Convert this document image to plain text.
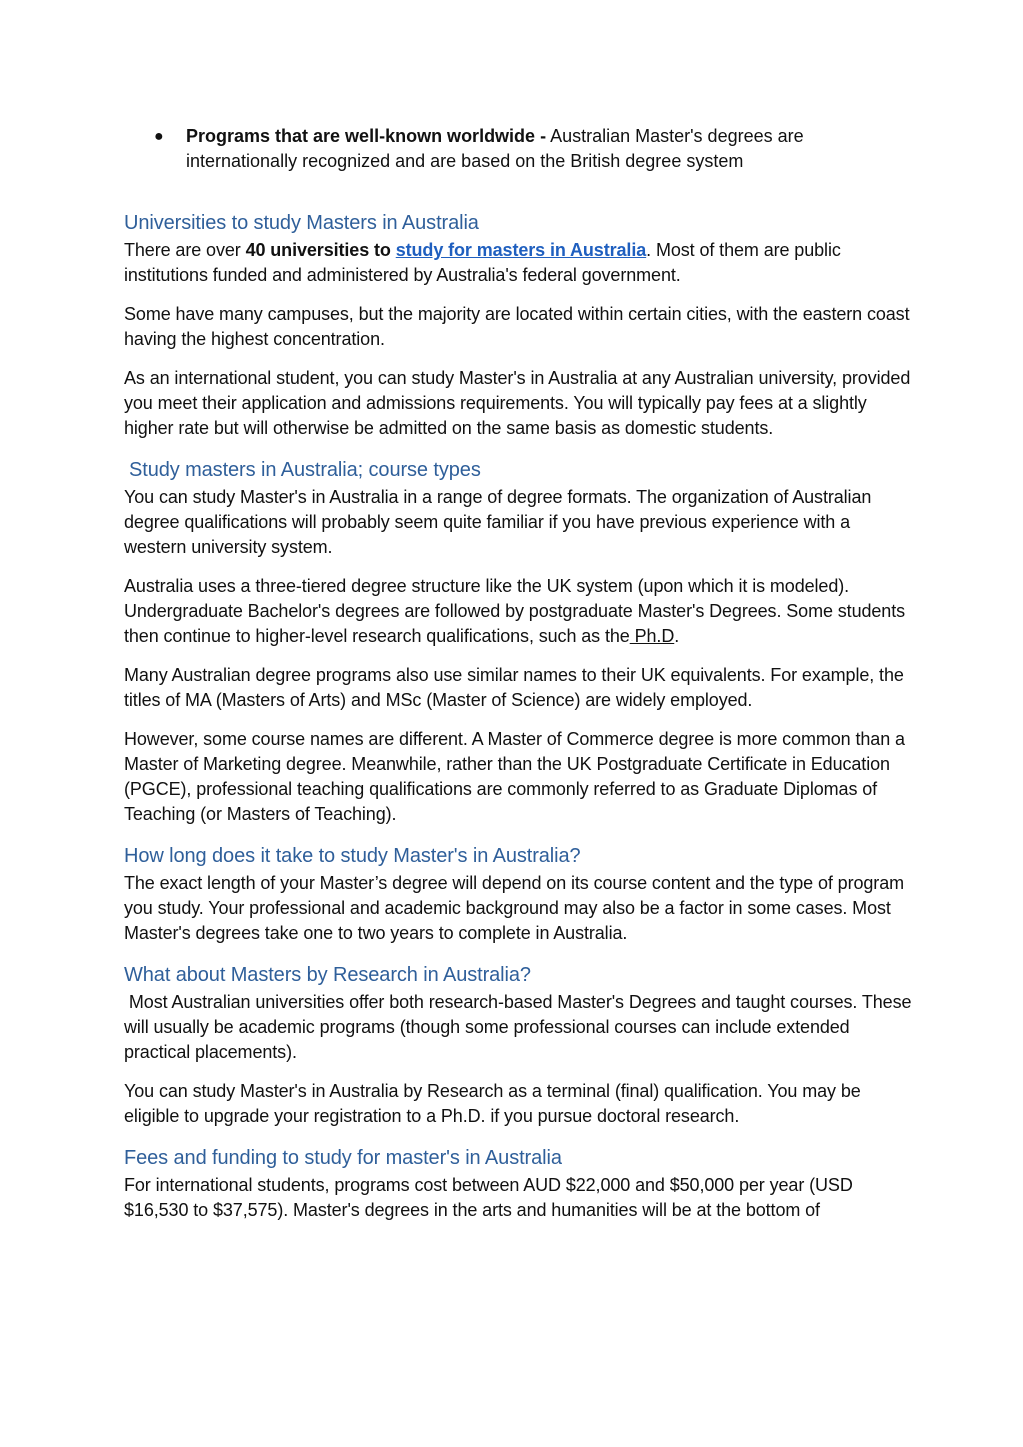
● Programs that are well-known worldwide - Australian Master's degrees are internationally recognized and are based on the British degree system
Universities to study Masters in Australia

There are over 40 universities to study for masters in Australia. Most of them are public institutions funded and administered by Australia's federal government.

Some have many campuses, but the majority are located within certain cities, with the eastern coast having the highest concentration.

As an international student, you can study Master's in Australia at any Australian university, provided you meet their application and admissions requirements. You will typically pay fees at a slightly higher rate but will otherwise be admitted on the same basis as domestic students.

Study masters in Australia; course types

You can study Master's in Australia in a range of degree formats. The organization of Australian degree qualifications will probably seem quite familiar if you have previous experience with a western university system.

Australia uses a three-tiered degree structure like the UK system (upon which it is modeled). Undergraduate Bachelor's degrees are followed by postgraduate Master's Degrees. Some students then continue to higher-level research qualifications, such as the Ph.D.

Many Australian degree programs also use similar names to their UK equivalents. For example, the titles of MA (Masters of Arts) and MSc (Master of Science) are widely employed.

However, some course names are different. A Master of Commerce degree is more common than a Master of Marketing degree. Meanwhile, rather than the UK Postgraduate Certificate in Education (PGCE), professional teaching qualifications are commonly referred to as Graduate Diplomas of Teaching (or Masters of Teaching).

How long does it take to study Master's in Australia?

The exact length of your Master’s degree will depend on its course content and the type of program you study. Your professional and academic background may also be a factor in some cases. Most Master's degrees take one to two years to complete in Australia.

What about Masters by Research in Australia?

Most Australian universities offer both research-based Master's Degrees and taught courses. These will usually be academic programs (though some professional courses can include extended practical placements).

You can study Master's in Australia by Research as a terminal (final) qualification. You may be eligible to upgrade your registration to a Ph.D. if you pursue doctoral research.

Fees and funding to study for master's in Australia

For international students, programs cost between AUD $22,000 and $50,000 per year (USD $16,530 to $37,575). Master's degrees in the arts and humanities will be at the bottom of
